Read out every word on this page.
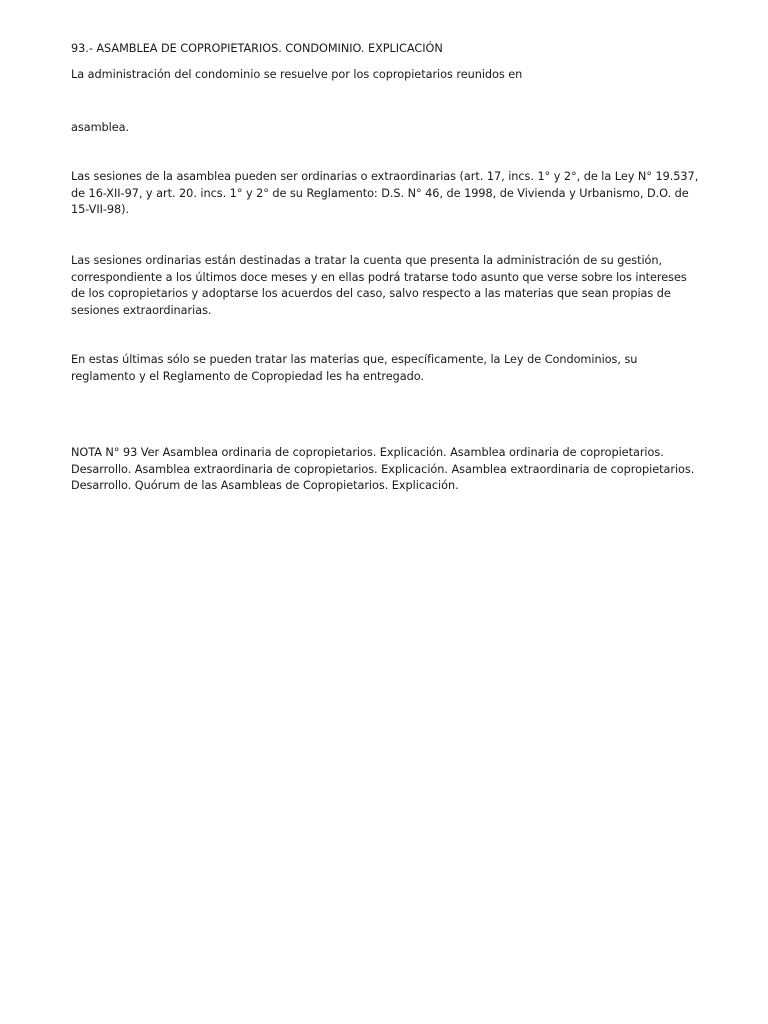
93.- ASAMBLEA DE COPROPIETARIOS. CONDOMINIO. EXPLICACIÓN

La administración del condominio se resuelve por los copropietarios reunidos en

asamblea.

Las sesiones de la asamblea pueden ser ordinarias o extraordinarias (art. 17, incs. 1° y 2°, de la Ley N° 19.537, de 16-XII-97, y art. 20. incs. 1° y 2° de su Reglamento: D.S. N° 46, de 1998, de Vivienda y Urbanismo, D.O. de 15-VII-98).

Las sesiones ordinarias están destinadas a tratar la cuenta que presenta la administración de su gestión, correspondiente a los últimos doce meses y en ellas podrá tratarse todo asunto que verse sobre los intereses de los copropietarios y adoptarse los acuerdos del caso, salvo respecto a las materias que sean propias de sesiones extraordinarias.

En estas últimas sólo se pueden tratar las materias que, específicamente, la Ley de Condominios, su reglamento y el Reglamento de Copropiedad les ha entregado.

NOTA N° 93 Ver Asamblea ordinaria de copropietarios. Explicación. Asamblea ordinaria de copropietarios. Desarrollo. Asamblea extraordinaria de copropietarios. Explicación. Asamblea extraordinaria de copropietarios. Desarrollo. Quórum de las Asambleas de Copropietarios. Explicación.
